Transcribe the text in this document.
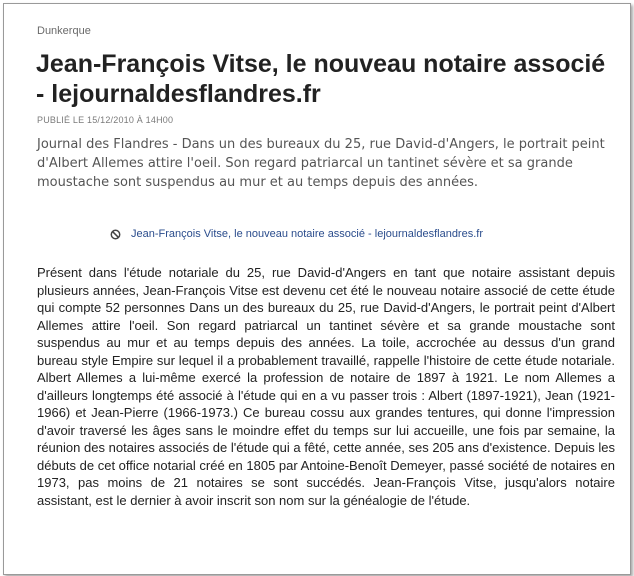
Dunkerque
Jean-François Vitse, le nouveau notaire associé - lejournaldesflandres.fr
PUBLIÉ LE 15/12/2010 À 14H00

Journal des Flandres - Dans un des bureaux du 25, rue David-d'Angers, le portrait peint d'Albert Allemes attire l'oeil. Son regard patriarcal un tantinet sévère et sa grande moustache sont suspendus au mur et au temps depuis des années.

Jean-François Vitse, le nouveau notaire associé - lejournaldesflandres.fr

Présent dans l'étude notariale du 25, rue David-d'Angers en tant que notaire assistant depuis plusieurs années, Jean-François Vitse est devenu cet été le nouveau notaire associé de cette étude qui compte 52 personnes Dans un des bureaux du 25, rue David-d'Angers, le portrait peint d'Albert Allemes attire l'oeil. Son regard patriarcal un tantinet sévère et sa grande moustache sont suspendus au mur et au temps depuis des années. La toile, accrochée au dessus d'un grand bureau style Empire sur lequel il a probablement travaillé, rappelle l'histoire de cette étude notariale. Albert Allemes a lui-même exercé la profession de notaire de 1897 à 1921. Le nom Allemes a d'ailleurs longtemps été associé à l'étude qui en a vu passer trois : Albert (1897-1921), Jean (1921-1966) et Jean-Pierre (1966-1973.) Ce bureau cossu aux grandes tentures, qui donne l'impression d'avoir traversé les âges sans le moindre effet du temps sur lui accueille, une fois par semaine, la réunion des notaires associés de l'étude qui a fêté, cette année, ses 205 ans d'existence. Depuis les débuts de cet office notarial créé en 1805 par Antoine-Benoît Demeyer, passé société de notaires en 1973, pas moins de 21 notaires se sont succédés. Jean-François Vitse, jusqu'alors notaire assistant, est le dernier à avoir inscrit son nom sur la généalogie de l'étude.
